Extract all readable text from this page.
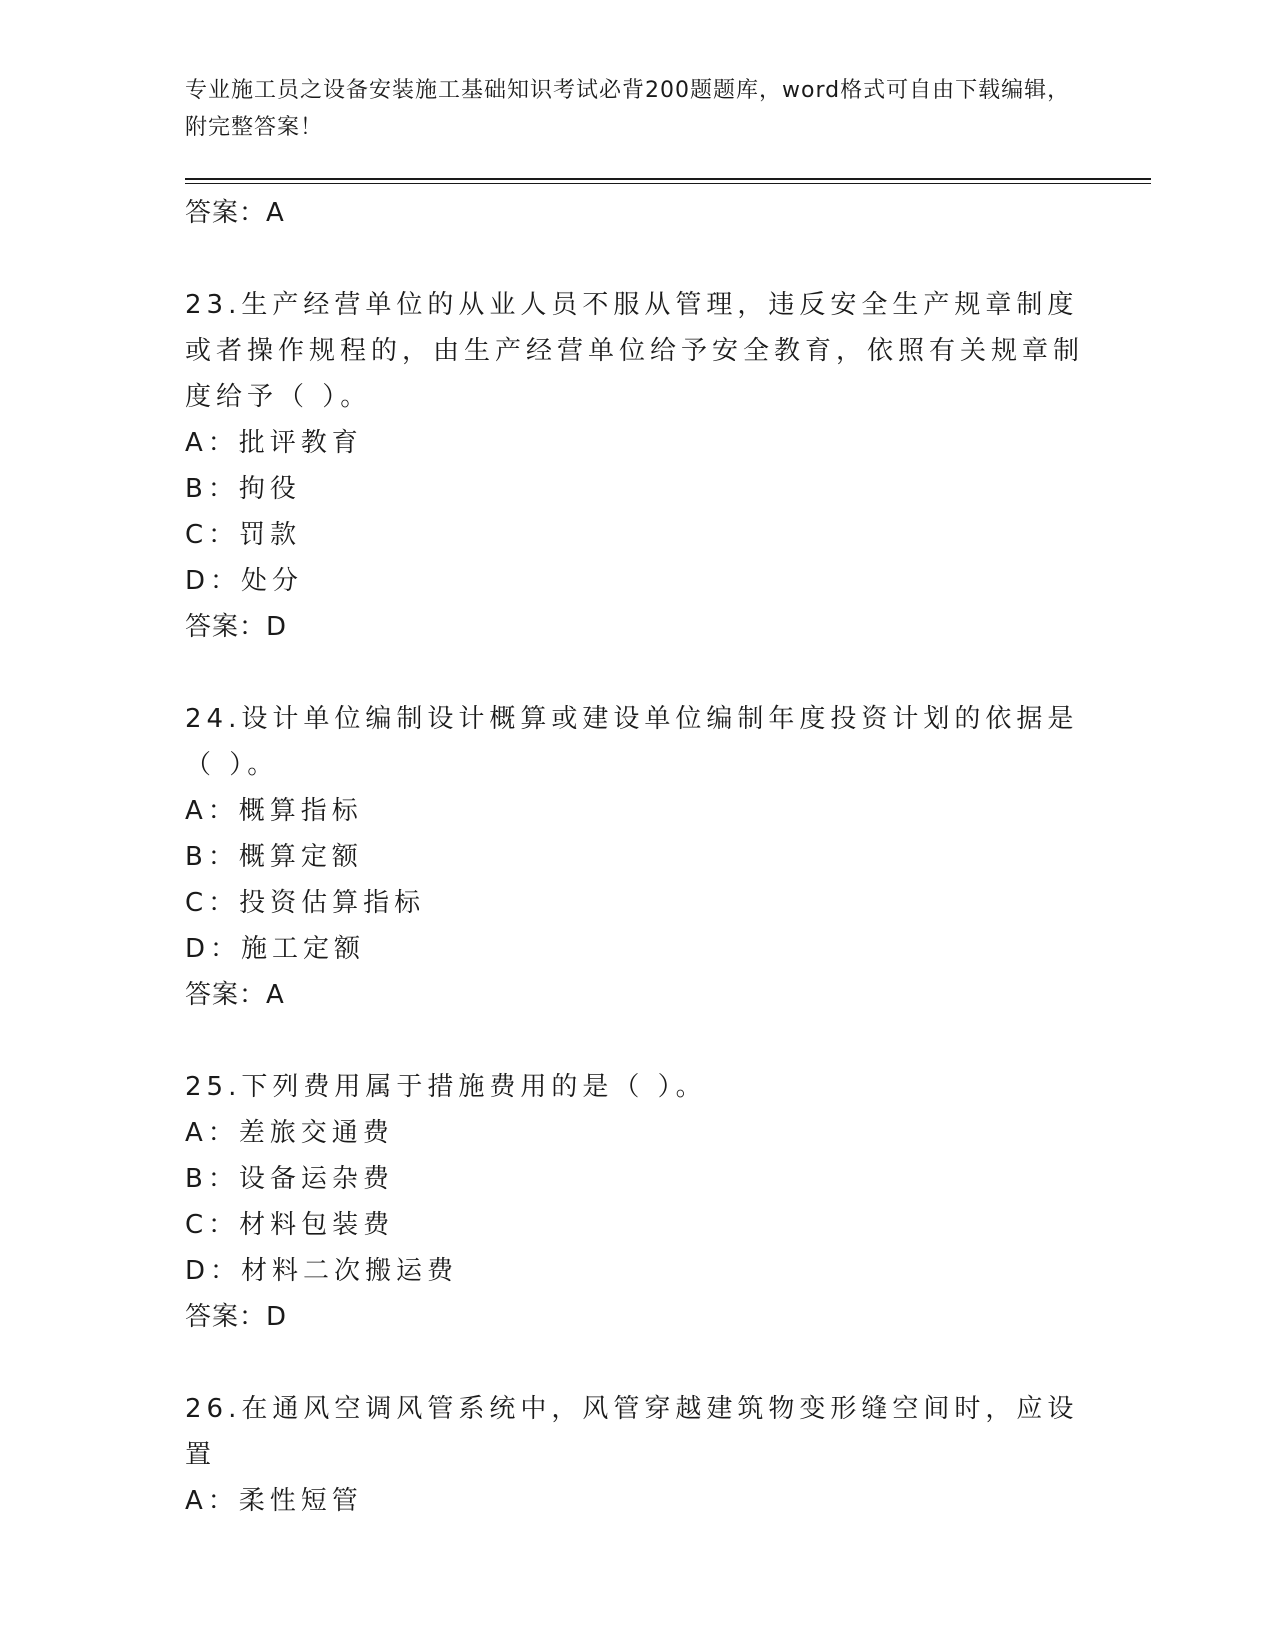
专业施工员之设备安装施工基础知识考试必背200题题库，word格式可自由下载编辑，附完整答案！
答案：A
23.生产经营单位的从业人员不服从管理，违反安全生产规章制度或者操作规程的，由生产经营单位给予安全教育，依照有关规章制度给予（ ）。
A：批评教育
B：拘役
C：罚款
D：处分
答案：D
24.设计单位编制设计概算或建设单位编制年度投资计划的依据是（ ）。
A：概算指标
B：概算定额
C：投资估算指标
D：施工定额
答案：A
25.下列费用属于措施费用的是（ ）。
A：差旅交通费
B：设备运杂费
C：材料包装费
D：材料二次搬运费
答案：D
26.在通风空调风管系统中，风管穿越建筑物变形缝空间时，应设置
A：柔性短管
